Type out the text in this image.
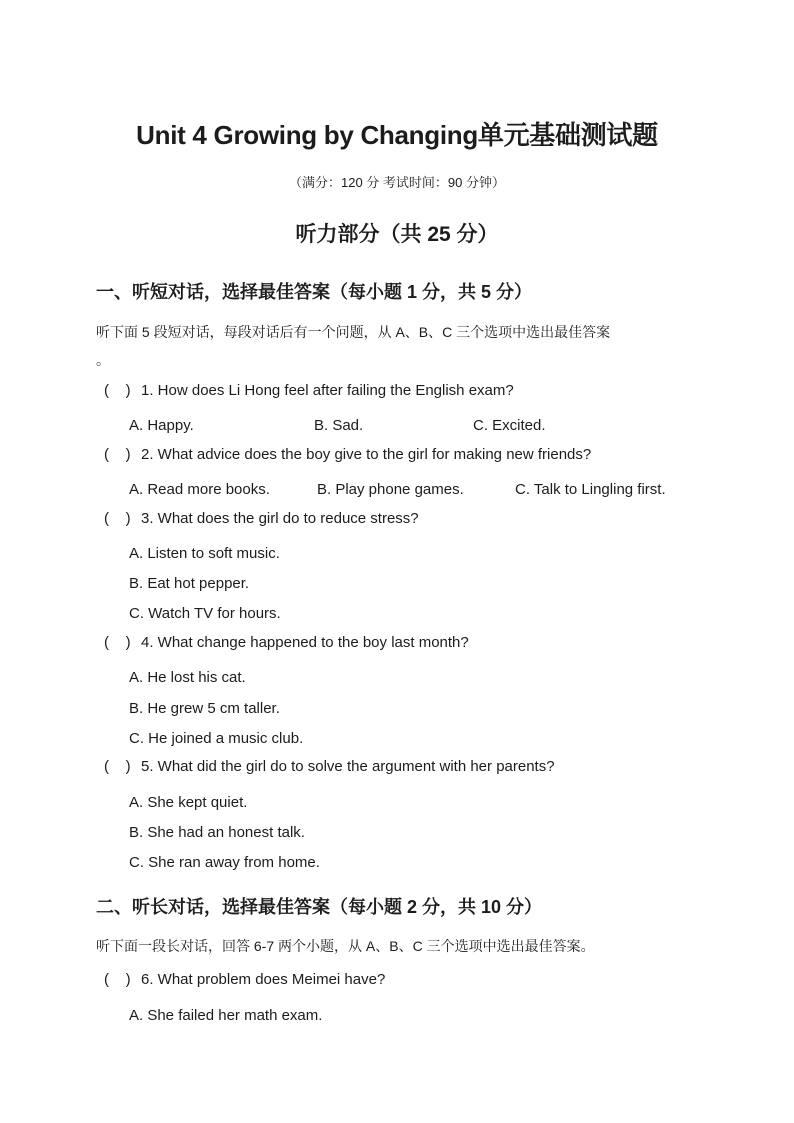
Unit 4 Growing by Changing单元基础测试题
（满分：120 分 考试时间：90 分钟）
听力部分（共 25 分）
一、听短对话，选择最佳答案（每小题 1 分，共 5 分）
听下面 5 段短对话，每段对话后有一个问题，从 A、B、C 三个选项中选出最佳答案
。
(    ) 1. How does Li Hong feel after failing the English exam?
A. Happy.	B. Sad.	C. Excited.
(    ) 2. What advice does the boy give to the girl for making new friends?
A. Read more books.	B. Play phone games.	C. Talk to Lingling first.
(    ) 3. What does the girl do to reduce stress?
A. Listen to soft music.
B. Eat hot pepper.
C. Watch TV for hours.
(    ) 4. What change happened to the boy last month?
A. He lost his cat.
B. He grew 5 cm taller.
C. He joined a music club.
(    ) 5. What did the girl do to solve the argument with her parents?
A. She kept quiet.
B. She had an honest talk.
C. She ran away from home.
二、听长对话，选择最佳答案（每小题 2 分，共 10 分）
听下面一段长对话，回答 6-7 两个小题，从 A、B、C 三个选项中选出最佳答案。
(    ) 6. What problem does Meimei have?
A. She failed her math exam.
